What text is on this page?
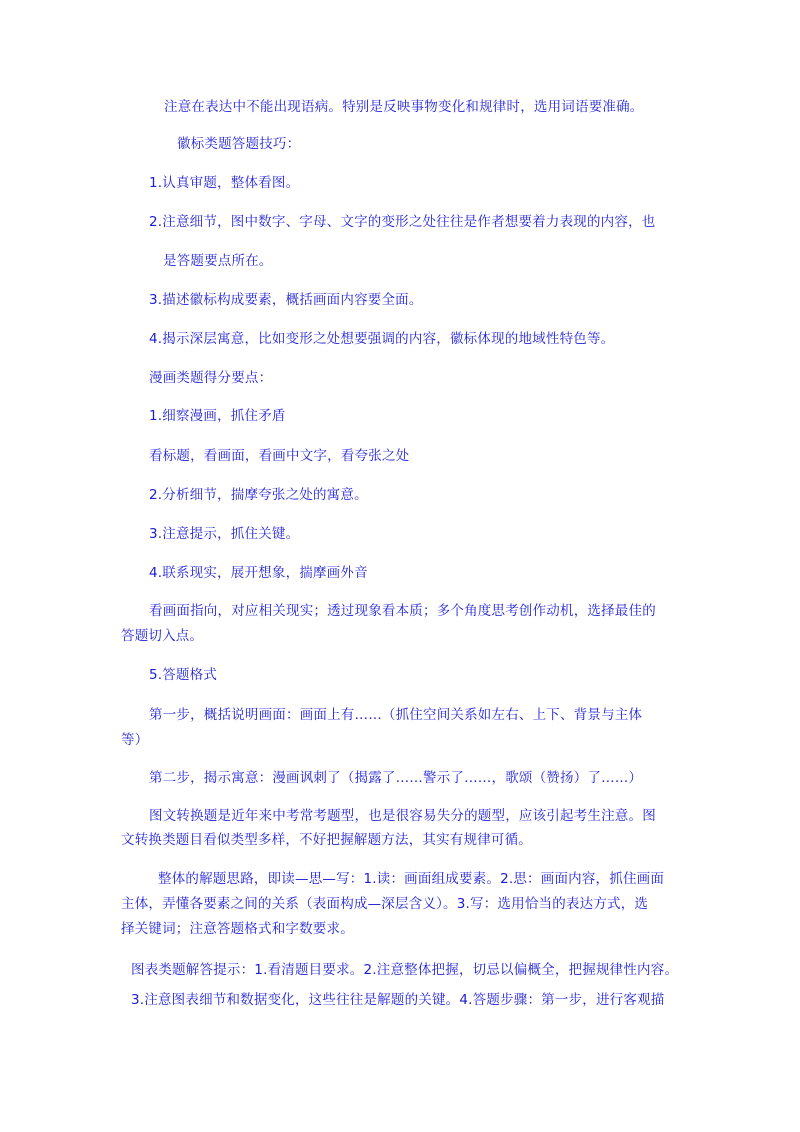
注意在表达中不能出现语病。特别是反映事物变化和规律时，选用词语要准确。
徽标类题答题技巧：
1.认真审题，整体看图。
2.注意细节，图中数字、字母、文字的变形之处往往是作者想要着力表现的内容，也
是答题要点所在。
3.描述徽标构成要素，概括画面内容要全面。
4.揭示深层寓意，比如变形之处想要强调的内容，徽标体现的地域性特色等。
漫画类题得分要点：
1.细察漫画，抓住矛盾
看标题，看画面，看画中文字，看夸张之处
2.分析细节，揣摩夸张之处的寓意。
3.注意提示，抓住关键。
4.联系现实，展开想象，揣摩画外音
看画面指向，对应相关现实；透过现象看本质；多个角度思考创作动机，选择最佳的
答题切入点。
5.答题格式
第一步，概括说明画面：画面上有……（抓住空间关系如左右、上下、背景与主体
等）
第二步，揭示寓意：漫画讽刺了（揭露了……警示了……，歌颂（赞扬）了……）
图文转换题是近年来中考常考题型，也是很容易失分的题型，应该引起考生注意。图
文转换类题目看似类型多样，不好把握解题方法，其实有规律可循。
整体的解题思路，即读—思—写：1.读：画面组成要素。2.思：画面内容，抓住画面
主体，弄懂各要素之间的关系（表面构成—深层含义）。3.写：选用恰当的表达方式，选
择关键词；注意答题格式和字数要求。
图表类题解答提示：1.看清题目要求。2.注意整体把握，切忌以偏概全，把握规律性内容。
3.注意图表细节和数据变化，这些往往是解题的关键。4.答题步骤：第一步，进行客观描
